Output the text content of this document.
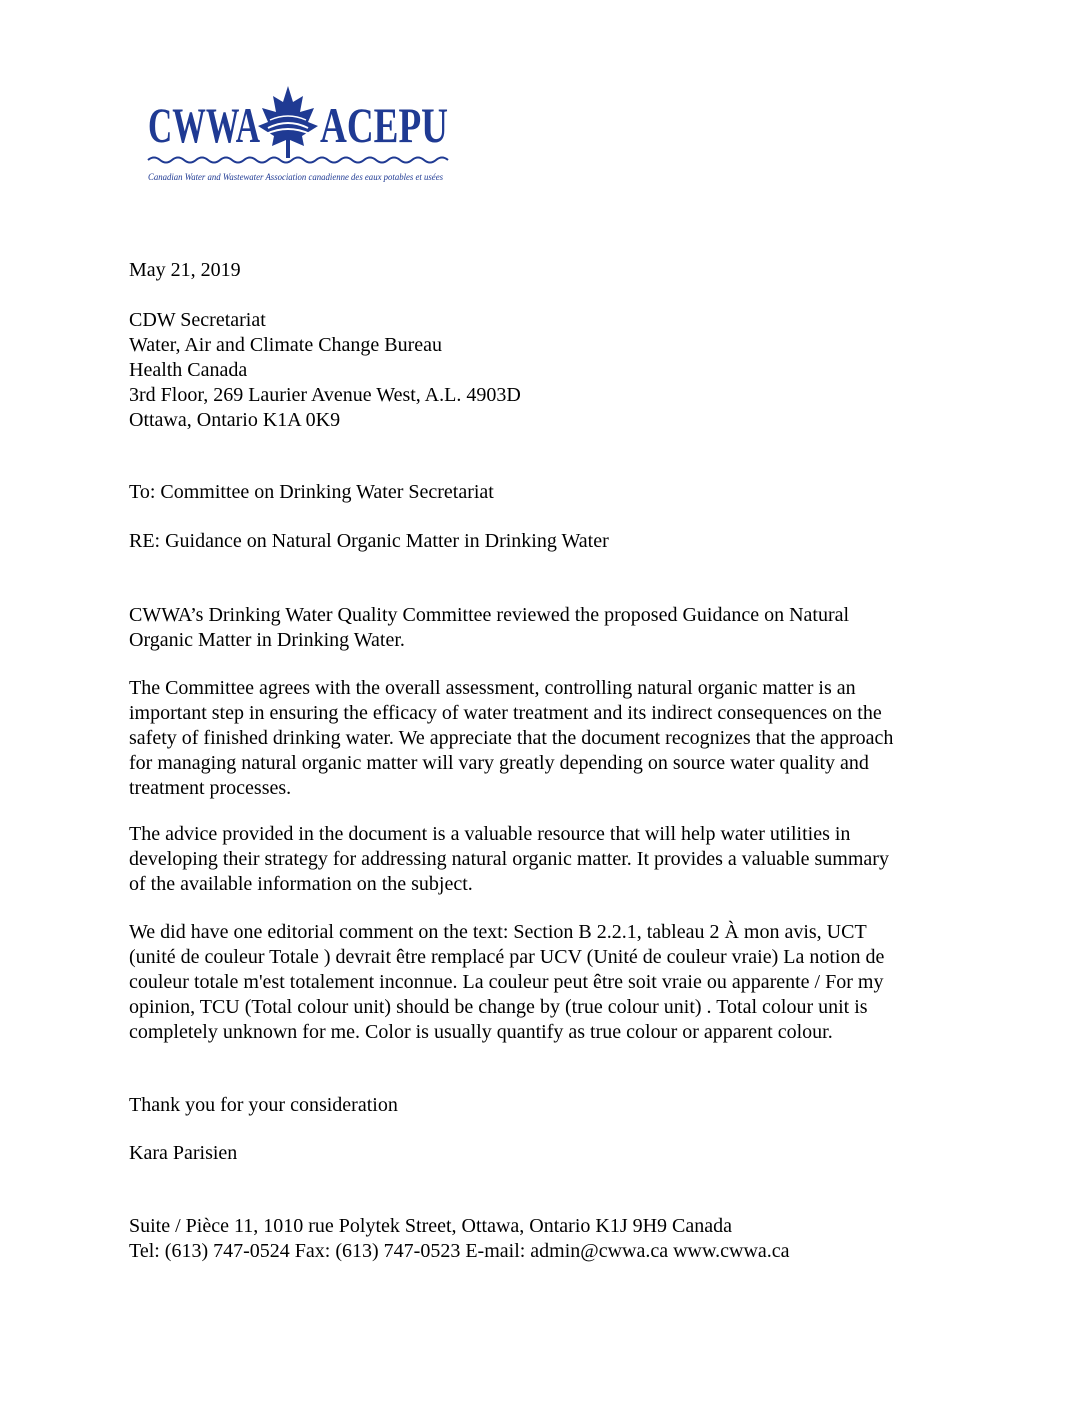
CWWA ACEPU
Canadian Water and Wastewater Association canadienne des eaux potables et usées
May 21, 2019
CDW Secretariat
Water, Air and Climate Change Bureau
Health Canada
3rd Floor, 269 Laurier Avenue West, A.L. 4903D
Ottawa, Ontario K1A 0K9
To: Committee on Drinking Water Secretariat
RE: Guidance on Natural Organic Matter in Drinking Water
CWWA’s Drinking Water Quality Committee reviewed the proposed Guidance on Natural
Organic Matter in Drinking Water.
The Committee agrees with the overall assessment, controlling natural organic matter is an
important step in ensuring the efficacy of water treatment and its indirect consequences on the
safety of finished drinking water. We appreciate that the document recognizes that the approach
for managing natural organic matter will vary greatly depending on source water quality and
treatment processes.
The advice provided in the document is a valuable resource that will help water utilities in
developing their strategy for addressing natural organic matter. It provides a valuable summary
of the available information on the subject.
We did have one editorial comment on the text: Section B 2.2.1, tableau 2 À mon avis, UCT
(unité de couleur Totale ) devrait être remplacé par UCV (Unité de couleur vraie) La notion de
couleur totale m'est totalement inconnue. La couleur peut être soit vraie ou apparente / For my
opinion, TCU (Total colour unit) should be change by (true colour unit) . Total colour unit is
completely unknown for me. Color is usually quantify as true colour or apparent colour.
Thank you for your consideration
Kara Parisien
Suite / Pièce 11, 1010 rue Polytek Street, Ottawa, Ontario K1J 9H9 Canada
Tel: (613) 747-0524 Fax: (613) 747-0523 E-mail: admin@cwwa.ca www.cwwa.ca
